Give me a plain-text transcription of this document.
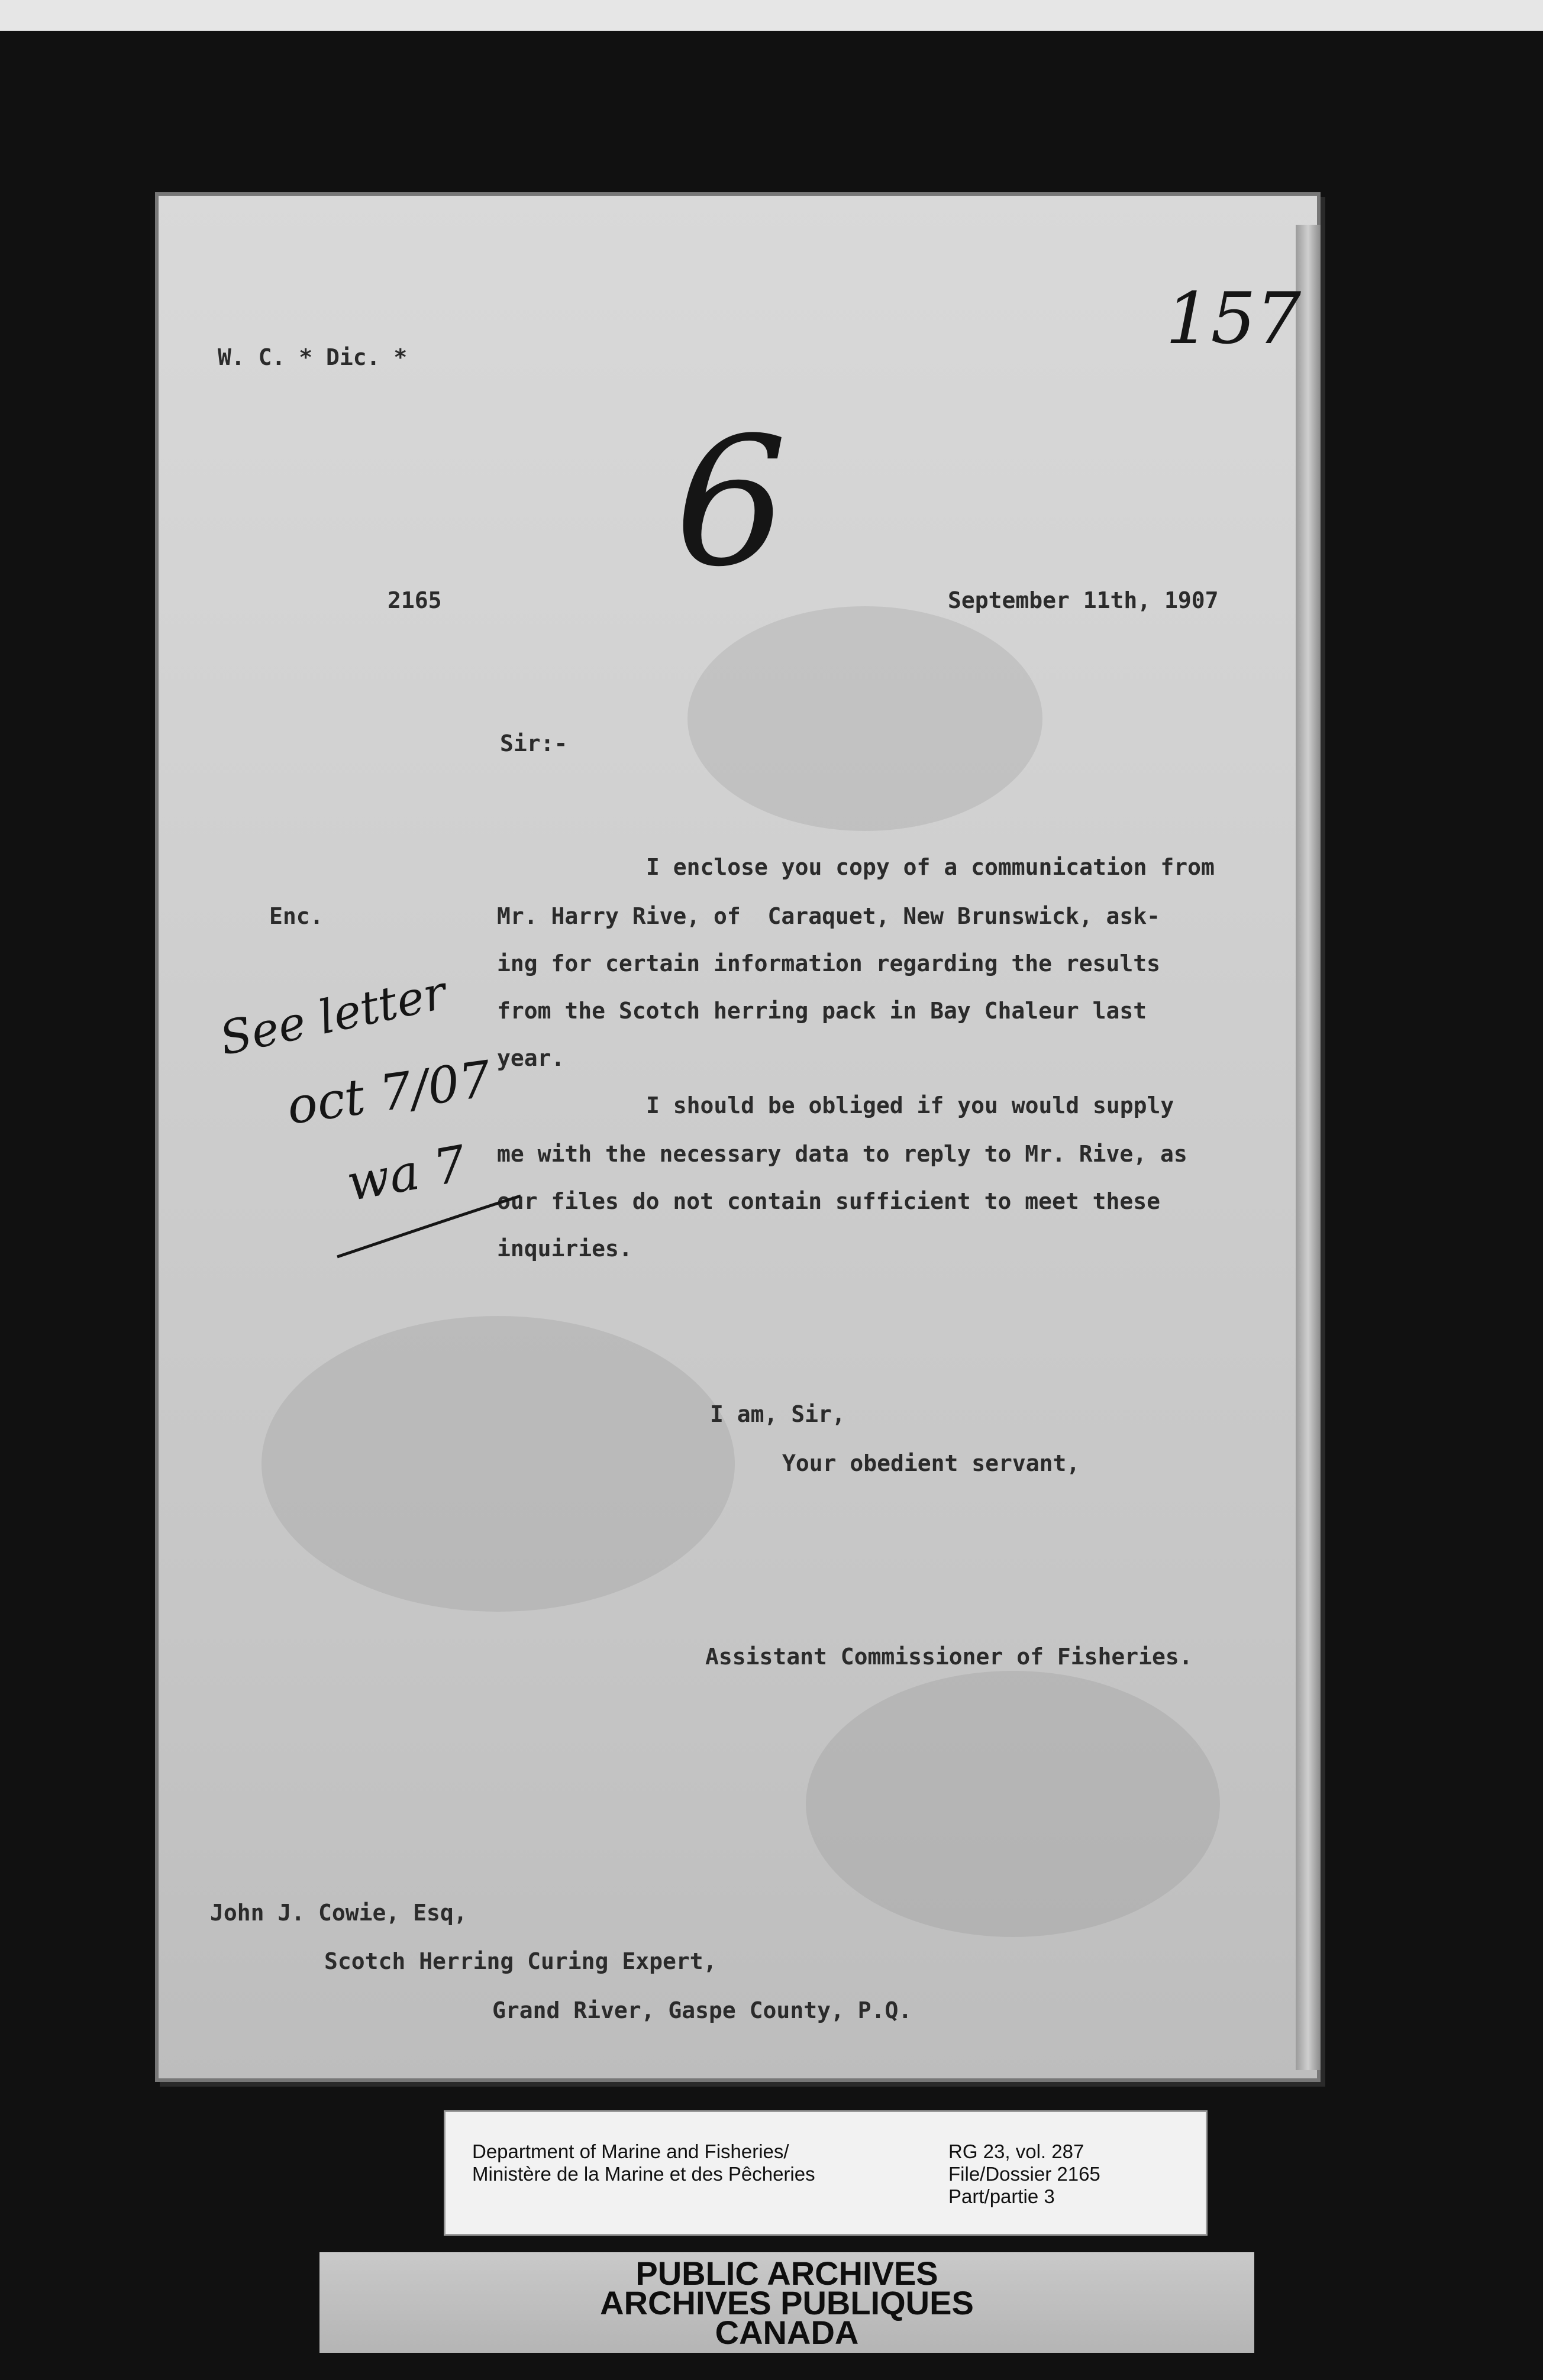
W. C. * Dic. *	157

6

2165	September 11th, 1907

Sir:-

Enc.

I enclose you copy of a communication from

Mr. Harry Rive, of  Caraquet, New Brunswick, ask-

ing for certain information regarding the results

from the Scotch herring pack in Bay Chaleur last

year.

I should be obliged if you would supply

me with the necessary data to reply to Mr. Rive, as

our files do not contain sufficient to meet these

inquiries.

See letter

oct 7/07

wa 7

I am, Sir,

Your obedient servant,

Assistant Commissioner of Fisheries.

John J. Cowie, Esq,

Scotch Herring Curing Expert,

Grand River, Gaspe County, P.Q.

Department of Marine and Fisheries/

Ministère de la Marine et des Pêcheries

RG 23, vol. 287

File/Dossier 2165

Part/partie 3

PUBLIC ARCHIVES

ARCHIVES PUBLIQUES

CANADA
